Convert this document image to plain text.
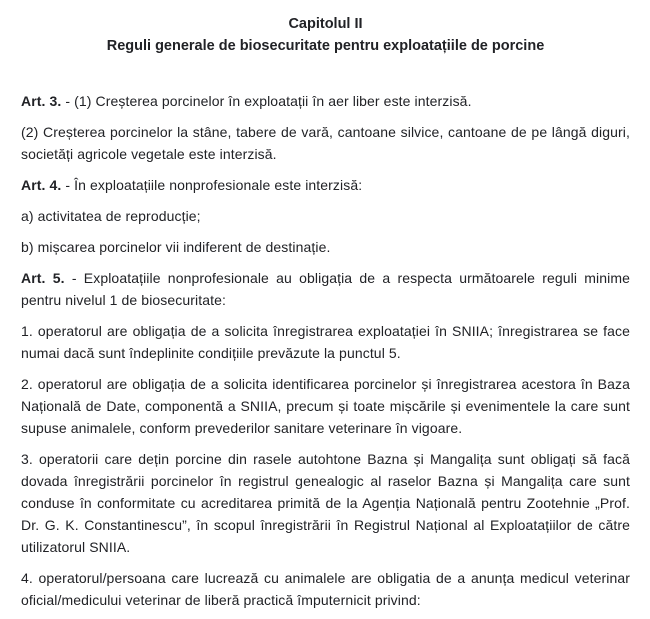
Capitolul II
Reguli generale de biosecuritate pentru exploatațiile de porcine

Art. 3. - (1) Creșterea porcinelor în exploatații în aer liber este interzisă.

(2) Creșterea porcinelor la stâne, tabere de vară, cantoane silvice, cantoane de pe lângă diguri, societăți agricole vegetale este interzisă.

Art. 4. - În exploatațiile nonprofesionale este interzisă:

a) activitatea de reproducție;

b) mișcarea porcinelor vii indiferent de destinație.

Art. 5. - Exploatațiile nonprofesionale au obligația de a respecta următoarele reguli minime pentru nivelul 1 de biosecuritate:

1. operatorul are obligația de a solicita înregistrarea exploatației în SNIIA; înregistrarea se face numai dacă sunt îndeplinite condițiile prevăzute la punctul 5.

2. operatorul are obligația de a solicita identificarea porcinelor și înregistrarea acestora în Baza Națională de Date, componentă a SNIIA, precum și toate mișcările și evenimentele la care sunt supuse animalele, conform prevederilor sanitare veterinare în vigoare.

3. operatorii care dețin porcine din rasele autohtone Bazna și Mangalița sunt obligați să facă dovada înregistrării porcinelor în registrul genealogic al raselor Bazna și Mangalița care sunt conduse în conformitate cu acreditarea primită de la Agenția Națională pentru Zootehnie „Prof. Dr. G. K. Constantinescu”, în scopul înregistrării în Registrul Național al Exploatațiilor de către utilizatorul SNIIA.

4. operatorul/persoana care lucrează cu animalele are obligatia de a anunța medicul veterinar oficial/medicului veterinar de liberă practică împuternicit privind:
